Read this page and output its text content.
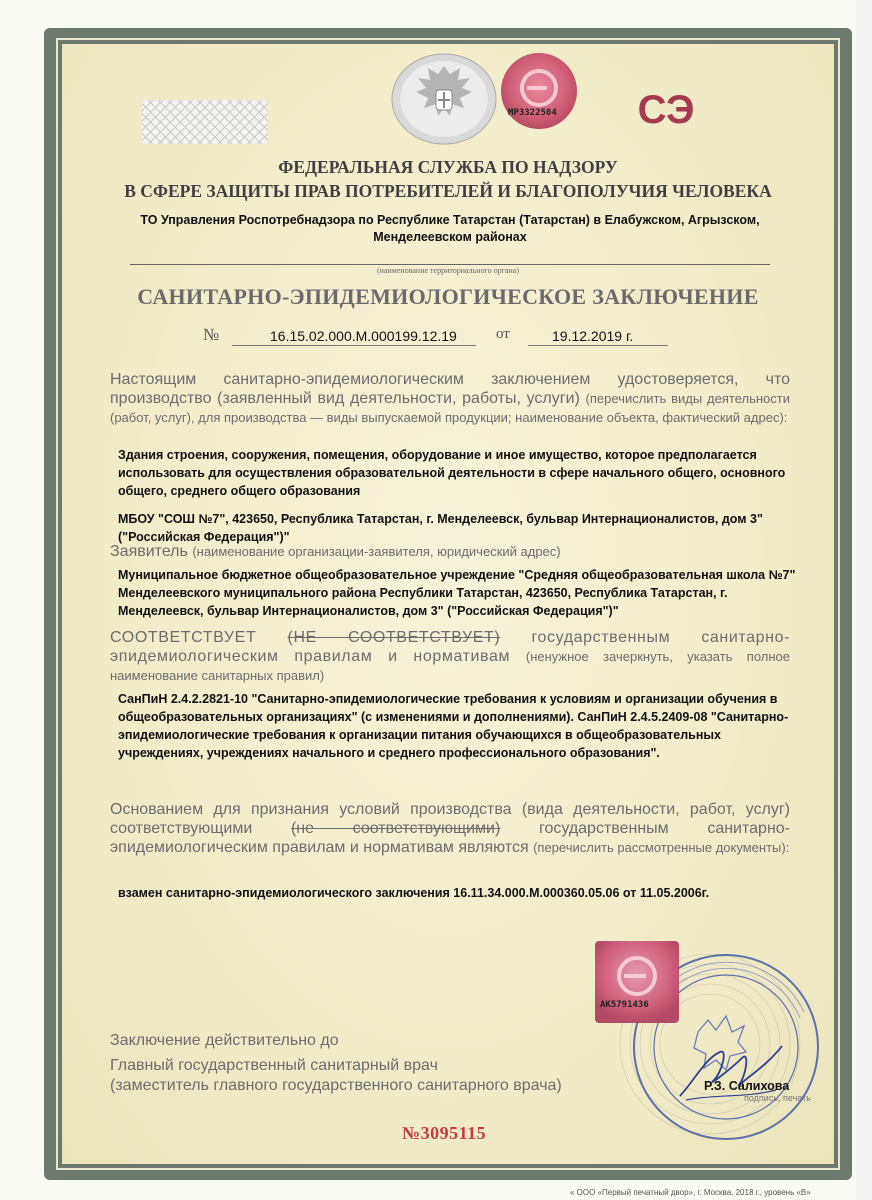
МР3322504 СЭ
ФЕДЕРАЛЬНАЯ СЛУЖБА ПО НАДЗОРУ
В СФЕРЕ ЗАЩИТЫ ПРАВ ПОТРЕБИТЕЛЕЙ И БЛАГОПОЛУЧИЯ ЧЕЛОВЕКА
ТО Управления Роспотребнадзора по Республике Татарстан (Татарстан) в Елабужском, Агрызском, Менделеевском районах
(наименование территориального органа)
САНИТАРНО-ЭПИДЕМИОЛОГИЧЕСКОЕ ЗАКЛЮЧЕНИЕ
№	16.15.02.000.М.000199.12.19	от	19.12.2019 г.
Настоящим санитарно-эпидемиологическим заключением удостоверяется, что производство (заявленный вид деятельности, работы, услуги) (перечислить виды деятельности (работ, услуг), для производства — виды выпускаемой продукции; наименование объекта, фактический адрес):
Здания строения, сооружения, помещения, оборудование и иное имущество, которое предполагается использовать для осуществления образовательной деятельности в сфере начального общего, основного общего, среднего общего образования
МБОУ "СОШ №7", 423650, Республика Татарстан, г. Менделеевск, бульвар Интернационалистов, дом 3" ("Российская Федерация")"
Заявитель (наименование организации-заявителя, юридический адрес)
Муниципальное бюджетное общеобразовательное учреждение "Средняя общеобразовательная школа №7" Менделеевского муниципального района Республики Татарстан, 423650, Республика Татарстан, г. Менделеевск, бульвар Интернационалистов, дом 3" ("Российская Федерация")"
СООТВЕТСТВУЕТ (НЕ СООТВЕТСТВУЕТ) государственным санитарно-эпидемиологическим правилам и нормативам (ненужное зачеркнуть, указать полное наименование санитарных правил)
СанПиН 2.4.2.2821-10 "Санитарно-эпидемиологические требования к условиям и организации обучения в общеобразовательных организациях" (с изменениями и дополнениями). СанПиН 2.4.5.2409-08 "Санитарно-эпидемиологические требования к организации питания обучающихся в общеобразовательных учреждениях, учреждениях начального и среднего профессионального образования".
Основанием для признания условий производства (вида деятельности, работ, услуг) соответствующими (не соответствующими) государственным санитарно-эпидемиологическим правилам и нормативам являются (перечислить рассмотренные документы):
взамен санитарно-эпидемиологического заключения 16.11.34.000.М.000360.05.06 от 11.05.2006г.
АК5791436
Заключение действительно до
Главный государственный санитарный врач
(заместитель главного государственного санитарного врача)	Р.З. Салихова
подпись, печать
№3095115
« ООО «Первый печатный двор», г. Москва, 2018 г., уровень «В»
